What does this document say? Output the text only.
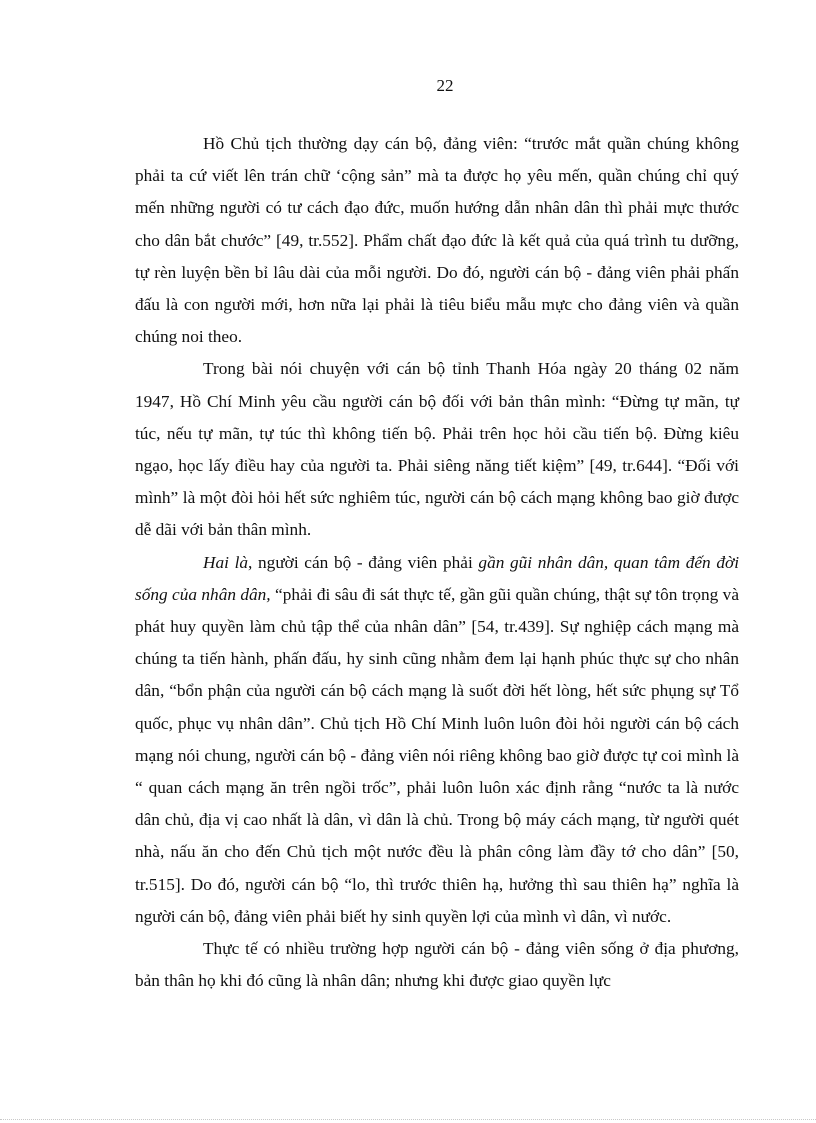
22

Hồ Chủ tịch thường dạy cán bộ, đảng viên: “trước mắt quần chúng không phải ta cứ viết lên trán chữ ‘cộng sản” mà ta được họ yêu mến, quần chúng chỉ quý mến những người có tư cách đạo đức, muốn hướng dẫn nhân dân thì phải mực thước cho dân bắt chước” [49, tr.552]. Phẩm chất đạo đức là kết quả của quá trình tu dưỡng, tự rèn luyện bền bỉ lâu dài của mỗi người. Do đó, người cán bộ - đảng viên phải phấn đấu là con người mới, hơn nữa lại phải là tiêu biểu mẫu mực cho đảng viên và quần chúng noi theo.

Trong bài nói chuyện với cán bộ tỉnh Thanh Hóa ngày 20 tháng 02 năm 1947, Hồ Chí Minh yêu cầu người cán bộ đối với bản thân mình: “Đừng tự mãn, tự túc, nếu tự mãn, tự túc thì không tiến bộ. Phải trên học hỏi cầu tiến bộ. Đừng kiêu ngạo, học lấy điều hay của người ta. Phải siêng năng tiết kiệm” [49, tr.644]. “Đối với mình” là một đòi hỏi hết sức nghiêm túc, người cán bộ cách mạng không bao giờ được dễ dãi với bản thân mình.

Hai là, người cán bộ - đảng viên phải gần gũi nhân dân, quan tâm đến đời sống của nhân dân, “phải đi sâu đi sát thực tế, gần gũi quần chúng, thật sự tôn trọng và phát huy quyền làm chủ tập thể của nhân dân” [54, tr.439]. Sự nghiệp cách mạng mà chúng ta tiến hành, phấn đấu, hy sinh cũng nhằm đem lại hạnh phúc thực sự cho nhân dân, “bổn phận của người cán bộ cách mạng là suốt đời hết lòng, hết sức phụng sự Tổ quốc, phục vụ nhân dân”. Chủ tịch Hồ Chí Minh luôn luôn đòi hỏi người cán bộ cách mạng nói chung, người cán bộ - đảng viên nói riêng không bao giờ được tự coi mình là “ quan cách mạng ăn trên ngồi trốc”, phải luôn luôn xác định rằng “nước ta là nước dân chủ, địa vị cao nhất là dân, vì dân là chủ. Trong bộ máy cách mạng, từ người quét nhà, nấu ăn cho đến Chủ tịch một nước đều là phân công làm đầy tớ cho dân” [50, tr.515]. Do đó, người cán bộ “lo, thì trước thiên hạ, hưởng thì sau thiên hạ” nghĩa là người cán bộ, đảng viên phải biết hy sinh quyền lợi của mình vì dân, vì nước.

Thực tế có nhiều trường hợp người cán bộ - đảng viên sống ở địa phương, bản thân họ khi đó cũng là nhân dân; nhưng khi được giao quyền lực
